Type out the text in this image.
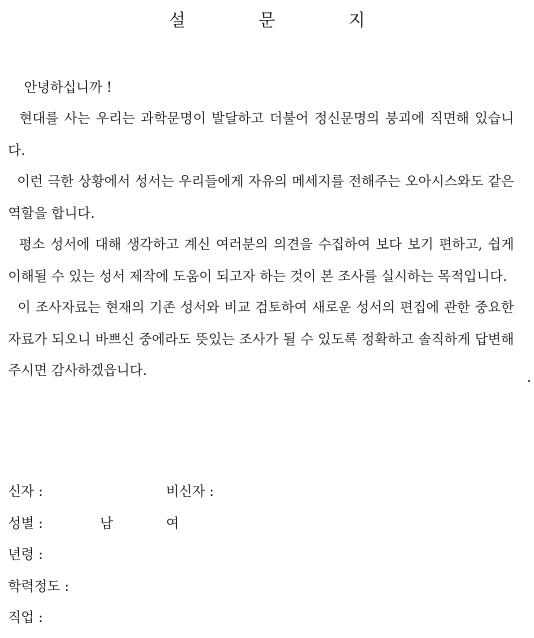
설 문 지
안녕하십니까 !

현대를 사는 우리는 과학문명이 발달하고 더불어 정신문명의 붕괴에 직면해 있습니다.

이런 극한 상황에서 성서는 우리들에게 자유의 메세지를 전해주는 오아시스와도 같은 역할을 합니다.

평소 성서에 대해 생각하고 계신 여러분의 의견을 수집하여 보다 보기 편하고, 쉽게 이해될 수 있는 성서 제작에 도움이 되고자 하는 것이 본 조사를 실시하는 목적입니다.

이 조사자료는 현재의 기존 성서와 비교 검토하여 새로운 성서의 편집에 관한 중요한 자료가 되오니 바쁘신 중에라도 뜻있는 조사가 될 수 있도록 정확하고 솔직하게 답변해 주시면 감사하겠읍니다.

신자 :	비신자 :
성별 :	남	여
년령 :
학력정도 :
직업 :
